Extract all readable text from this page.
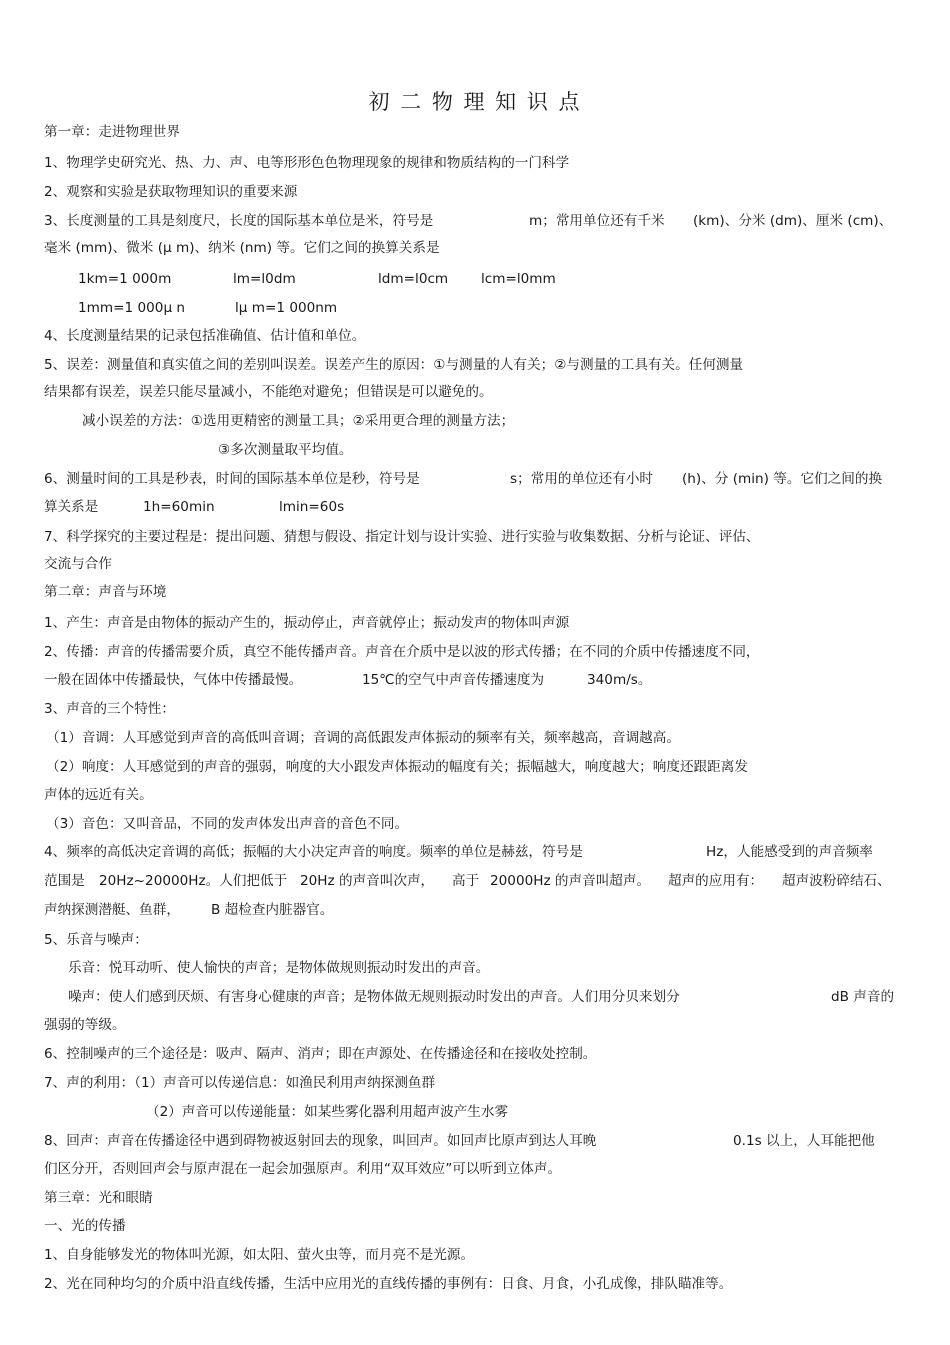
初 二 物 理 知 识 点
第一章：走进物理世界
1、物理学史研究光、热、力、声、电等形形色色物理现象的规律和物质结构的一门科学
2、观察和实验是获取物理知识的重要来源
3、长度测量的工具是刻度尺，长度的国际基本单位是米，符号是	m；常用单位还有千米 (km)、分米 (dm)、厘米 (cm)、
毫米 (mm)、微米 (μ m)、纳米 (nm) 等。它们之间的换算关系是
1km=1 000m	lm=l0dm	ldm=l0cm lcm=l0mm
1mm=1 000μ n	lμ m=1 000nm
4、长度测量结果的记录包括准确值、估计值和单位。
5、误差：测量值和真实值之间的差别叫误差。误差产生的原因：①与测量的人有关；②与测量的工具有关。任何测量
结果都有误差，误差只能尽量减小，不能绝对避免；但错误是可以避免的。
减小误差的方法：①选用更精密的测量工具；②采用更合理的测量方法；
③多次测量取平均值。
6、测量时间的工具是秒表，时间的国际基本单位是秒，符号是	s；常用的单位还有小时 (h)、分 (min) 等。它们之间的换
算关系是	1h=60min	lmin=60s
7、科学探究的主要过程是：提出问题、猜想与假设、指定计划与设计实验、进行实验与收集数据、分析与论证、评估、
交流与合作
第二章：声音与环境
1、产生：声音是由物体的振动产生的，振动停止，声音就停止；振动发声的物体叫声源
2、传播：声音的传播需要介质，真空不能传播声音。声音在介质中是以波的形式传播；在不同的介质中传播速度不同，
一般在固体中传播最快，气体中传播最慢。	15℃的空气中声音传播速度为	340m/s。
3、声音的三个特性：
（1）音调：人耳感觉到声音的高低叫音调；音调的高低跟发声体振动的频率有关，频率越高，音调越高。
（2）响度：人耳感觉到的声音的强弱，响度的大小跟发声体振动的幅度有关；振幅越大，响度越大；响度还跟距离发
声体的远近有关。
（3）音色：又叫音品，不同的发声体发出声音的音色不同。
4、频率的高低决定音调的高低；振幅的大小决定声音的响度。频率的单位是赫兹，符号是	Hz，人能感受到的声音频率
范围是 20Hz~20000Hz。人们把低于 20Hz 的声音叫次声， 高于 20000Hz 的声音叫超声。 超声的应用有： 超声波粉碎结石、
声纳探测潜艇、鱼群， B 超检查内脏器官。
5、乐音与噪声：
乐音：悦耳动听、使人愉快的声音；是物体做规则振动时发出的声音。
噪声：使人们感到厌烦、有害身心健康的声音；是物体做无规则振动时发出的声音。人们用分贝来划分	dB 声音的
强弱的等级。
6、控制噪声的三个途径是：吸声、隔声、消声；即在声源处、在传播途径和在接收处控制。
7、声的利用：（1）声音可以传递信息：如渔民利用声纳探测鱼群
（2）声音可以传递能量：如某些雾化器利用超声波产生水雾
8、回声：声音在传播途径中遇到碍物被返射回去的现象，叫回声。如回声比原声到达人耳晚	0.1s 以上，人耳能把他
们区分开，否则回声会与原声混在一起会加强原声。利用“双耳效应”可以听到立体声。
第三章：光和眼睛
一、光的传播
1、自身能够发光的物体叫光源，如太阳、萤火虫等，而月亮不是光源。
2、光在同种均匀的介质中沿直线传播，生活中应用光的直线传播的事例有：日食、月食，小孔成像，排队瞄准等。
